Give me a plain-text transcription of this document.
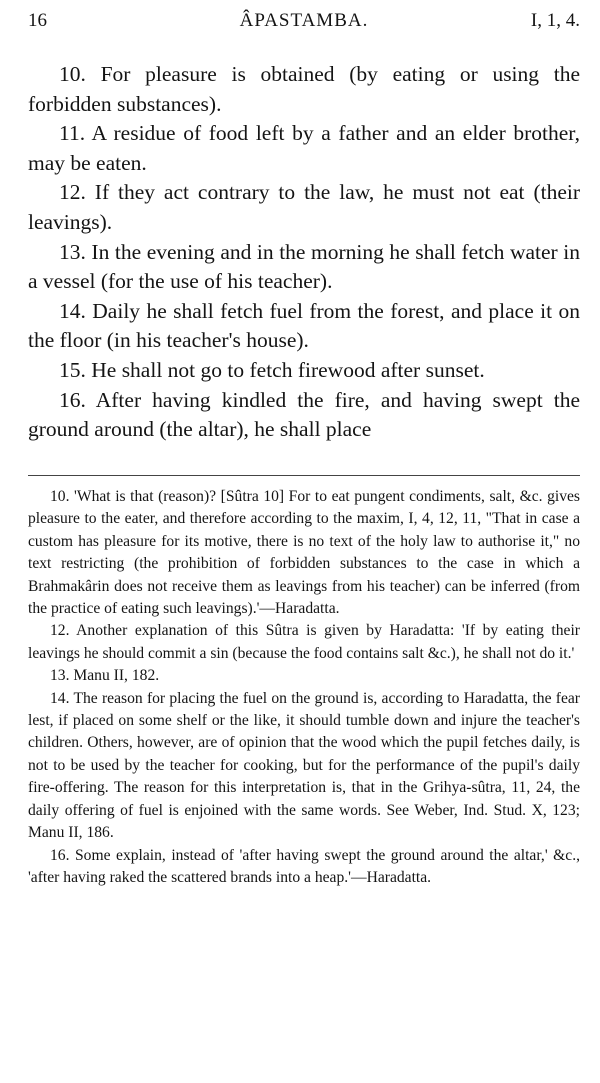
16	ÂPASTAMBA.	I, 1, 4.

10. For pleasure is obtained (by eating or using the forbidden substances).

11. A residue of food left by a father and an elder brother, may be eaten.

12. If they act contrary to the law, he must not eat (their leavings).

13. In the evening and in the morning he shall fetch water in a vessel (for the use of his teacher).

14. Daily he shall fetch fuel from the forest, and place it on the floor (in his teacher's house).

15. He shall not go to fetch firewood after sunset.

16. After having kindled the fire, and having swept the ground around (the altar), he shall place

10. 'What is that (reason)? [Sûtra 10] For to eat pungent condiments, salt, &c. gives pleasure to the eater, and therefore according to the maxim, I, 4, 12, 11, "That in case a custom has pleasure for its motive, there is no text of the holy law to authorise it," no text restricting (the prohibition of forbidden substances to the case in which a Brahmakârin does not receive them as leavings from his teacher) can be inferred (from the practice of eating such leavings).'—Haradatta.

12. Another explanation of this Sûtra is given by Haradatta: 'If by eating their leavings he should commit a sin (because the food contains salt &c.), he shall not do it.'

13. Manu II, 182.

14. The reason for placing the fuel on the ground is, according to Haradatta, the fear lest, if placed on some shelf or the like, it should tumble down and injure the teacher's children. Others, however, are of opinion that the wood which the pupil fetches daily, is not to be used by the teacher for cooking, but for the performance of the pupil's daily fire-offering. The reason for this interpretation is, that in the Grihya-sûtra, 11, 24, the daily offering of fuel is enjoined with the same words. See Weber, Ind. Stud. X, 123; Manu II, 186.

16. Some explain, instead of 'after having swept the ground around the altar,' &c., 'after having raked the scattered brands into a heap.'—Haradatta.
